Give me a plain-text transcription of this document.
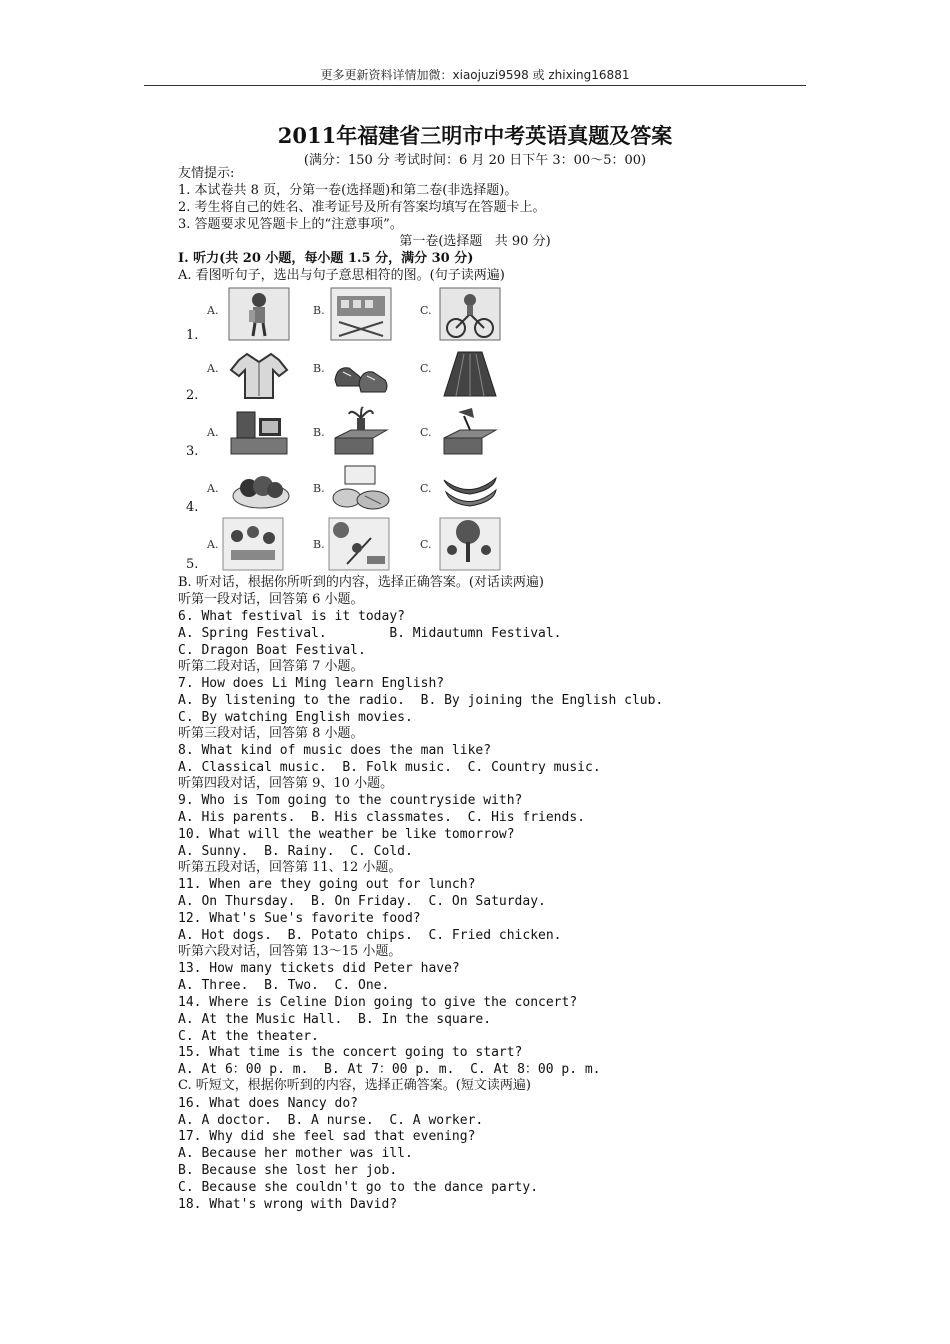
更多更新资料详情加微：xiaojuzi9598 或 zhixing16881
2011年福建省三明市中考英语真题及答案
(满分：150 分 考试时间：6 月 20 日下午 3：00～5：00)
友情提示:
1. 本试卷共 8 页，分第一卷(选择题)和第二卷(非选择题)。
2. 考生将自己的姓名、准考证号及所有答案均填写在答题卡上。
3. 答题要求见答题卡上的“注意事项”。
第一卷(选择题   共 90 分)
Ⅰ. 听力(共 20 小题，每小题 1.5 分，满分 30 分)
A. 看图听句子，选出与句子意思相符的图。(句子读两遍)
A.	B.	C.
1.
A.	B.	C.
2.
A.	B.	C.
3.
A.	B.	C.
4.
A.	B.	C.
5.
B. 听对话，根据你所听到的内容，选择正确答案。(对话读两遍)
听第一段对话，回答第 6 小题。
6. What festival is it today?
A. Spring Festival.        B. Midautumn Festival.
C. Dragon Boat Festival.
听第二段对话，回答第 7 小题。
7. How does Li Ming learn English?
A. By listening to the radio.  B. By joining the English club.
C. By watching English movies.
听第三段对话，回答第 8 小题。
8. What kind of music does the man like?
A. Classical music.  B. Folk music.  C. Country music.
听第四段对话，回答第 9、10 小题。
9. Who is Tom going to the countryside with?
A. His parents.  B. His classmates.  C. His friends.
10. What will the weather be like tomorrow?
A. Sunny.  B. Rainy.  C. Cold.
听第五段对话，回答第 11、12 小题。
11. When are they going out for lunch?
A. On Thursday.  B. On Friday.  C. On Saturday.
12. What's Sue's favorite food?
A. Hot dogs.  B. Potato chips.  C. Fried chicken.
听第六段对话，回答第 13～15 小题。
13. How many tickets did Peter have?
A. Three.  B. Two.  C. One.
14. Where is Celine Dion going to give the concert?
A. At the Music Hall.  B. In the square.
C. At the theater.
15. What time is the concert going to start?
A. At 6：00 p. m.  B. At 7：00 p. m.  C. At 8：00 p. m.
C. 听短文，根据你听到的内容，选择正确答案。(短文读两遍)
16. What does Nancy do?
A. A doctor.  B. A nurse.  C. A worker.
17. Why did she feel sad that evening?
A. Because her mother was ill.
B. Because she lost her job.
C. Because she couldn't go to the dance party.
18. What's wrong with David?
